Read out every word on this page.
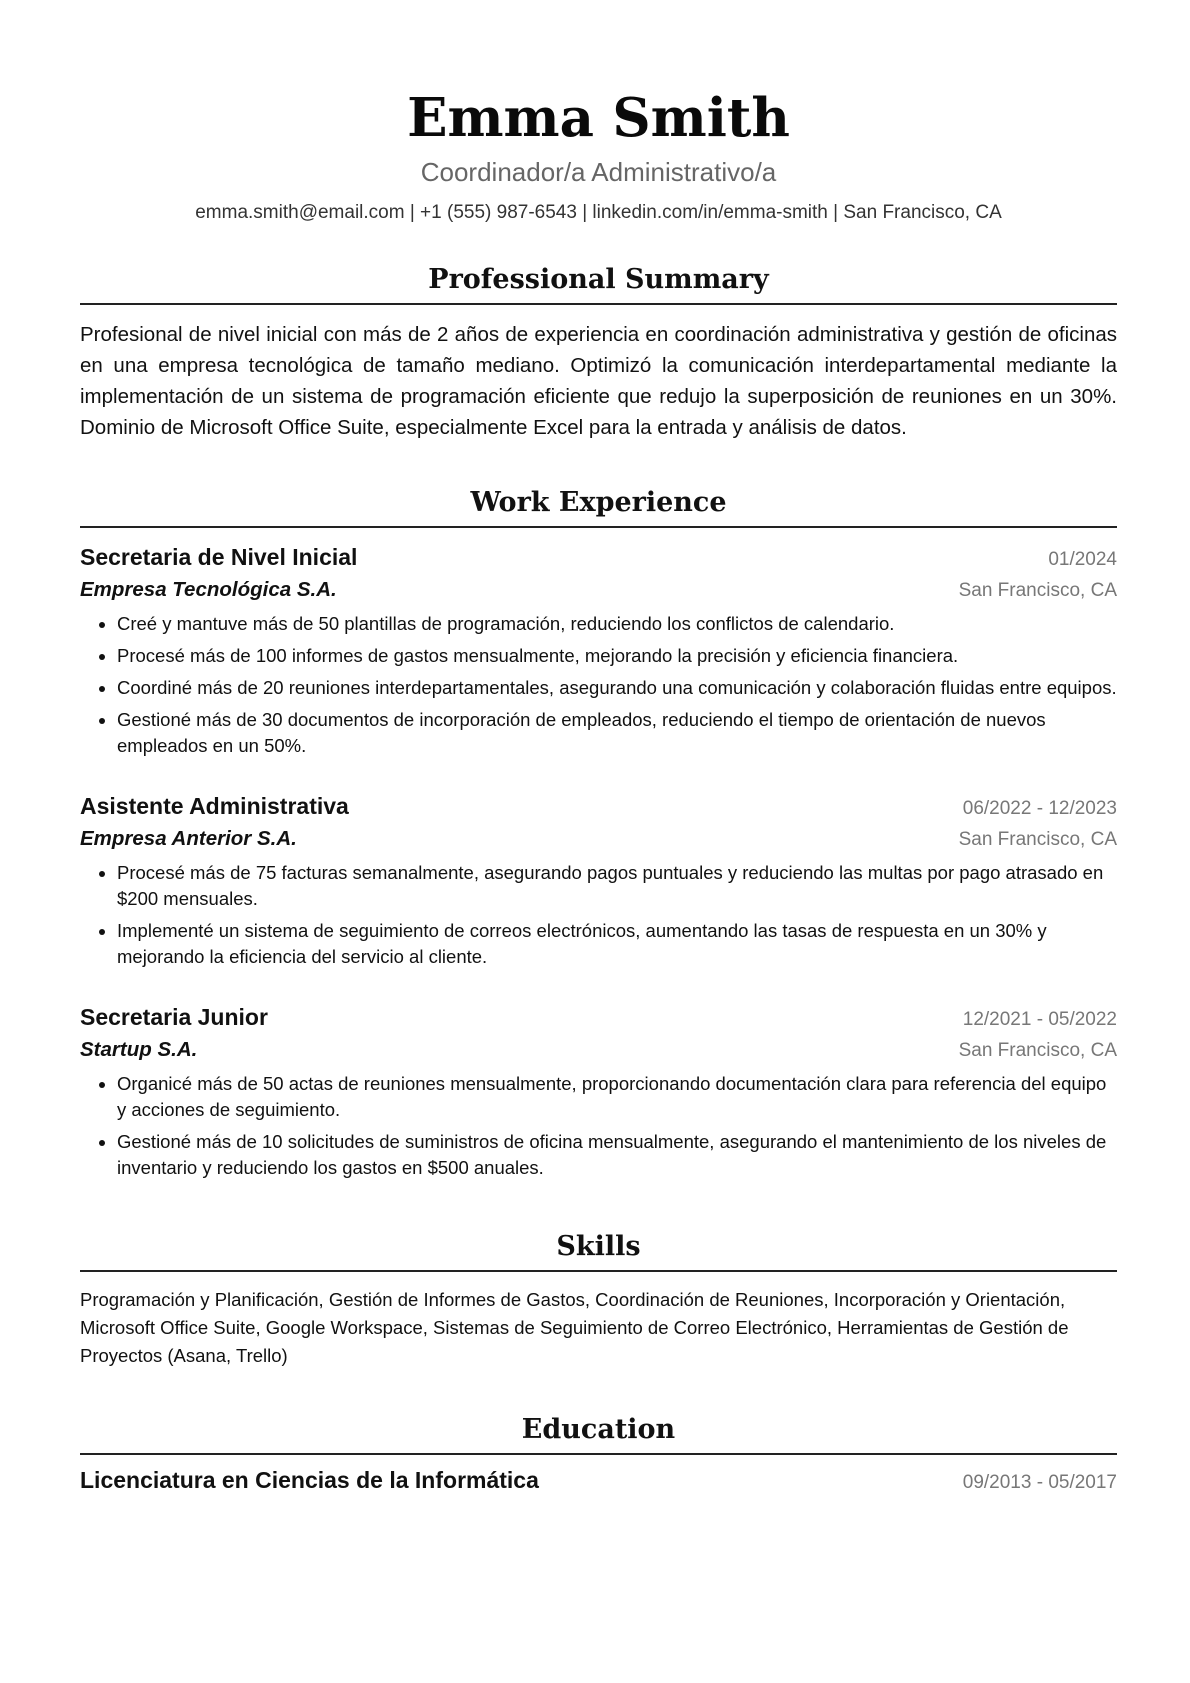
Emma Smith
Coordinador/a Administrativo/a
emma.smith@email.com | +1 (555) 987-6543 | linkedin.com/in/emma-smith | San Francisco, CA
Professional Summary
Profesional de nivel inicial con más de 2 años de experiencia en coordinación administrativa y gestión de oficinas en una empresa tecnológica de tamaño mediano. Optimizó la comunicación interdepartamental mediante la implementación de un sistema de programación eficiente que redujo la superposición de reuniones en un 30%. Dominio de Microsoft Office Suite, especialmente Excel para la entrada y análisis de datos.
Work Experience
Secretaria de Nivel Inicial	01/2024
Empresa Tecnológica S.A.	San Francisco, CA
• Creé y mantuve más de 50 plantillas de programación, reduciendo los conflictos de calendario.
• Procesé más de 100 informes de gastos mensualmente, mejorando la precisión y eficiencia financiera.
• Coordiné más de 20 reuniones interdepartamentales, asegurando una comunicación y colaboración fluidas entre equipos.
• Gestioné más de 30 documentos de incorporación de empleados, reduciendo el tiempo de orientación de nuevos empleados en un 50%.
Asistente Administrativa	06/2022 - 12/2023
Empresa Anterior S.A.	San Francisco, CA
• Procesé más de 75 facturas semanalmente, asegurando pagos puntuales y reduciendo las multas por pago atrasado en $200 mensuales.
• Implementé un sistema de seguimiento de correos electrónicos, aumentando las tasas de respuesta en un 30% y mejorando la eficiencia del servicio al cliente.
Secretaria Junior	12/2021 - 05/2022
Startup S.A.	San Francisco, CA
• Organicé más de 50 actas de reuniones mensualmente, proporcionando documentación clara para referencia del equipo y acciones de seguimiento.
• Gestioné más de 10 solicitudes de suministros de oficina mensualmente, asegurando el mantenimiento de los niveles de inventario y reduciendo los gastos en $500 anuales.
Skills
Programación y Planificación, Gestión de Informes de Gastos, Coordinación de Reuniones, Incorporación y Orientación, Microsoft Office Suite, Google Workspace, Sistemas de Seguimiento de Correo Electrónico, Herramientas de Gestión de Proyectos (Asana, Trello)
Education
Licenciatura en Ciencias de la Informática	09/2013 - 05/2017
